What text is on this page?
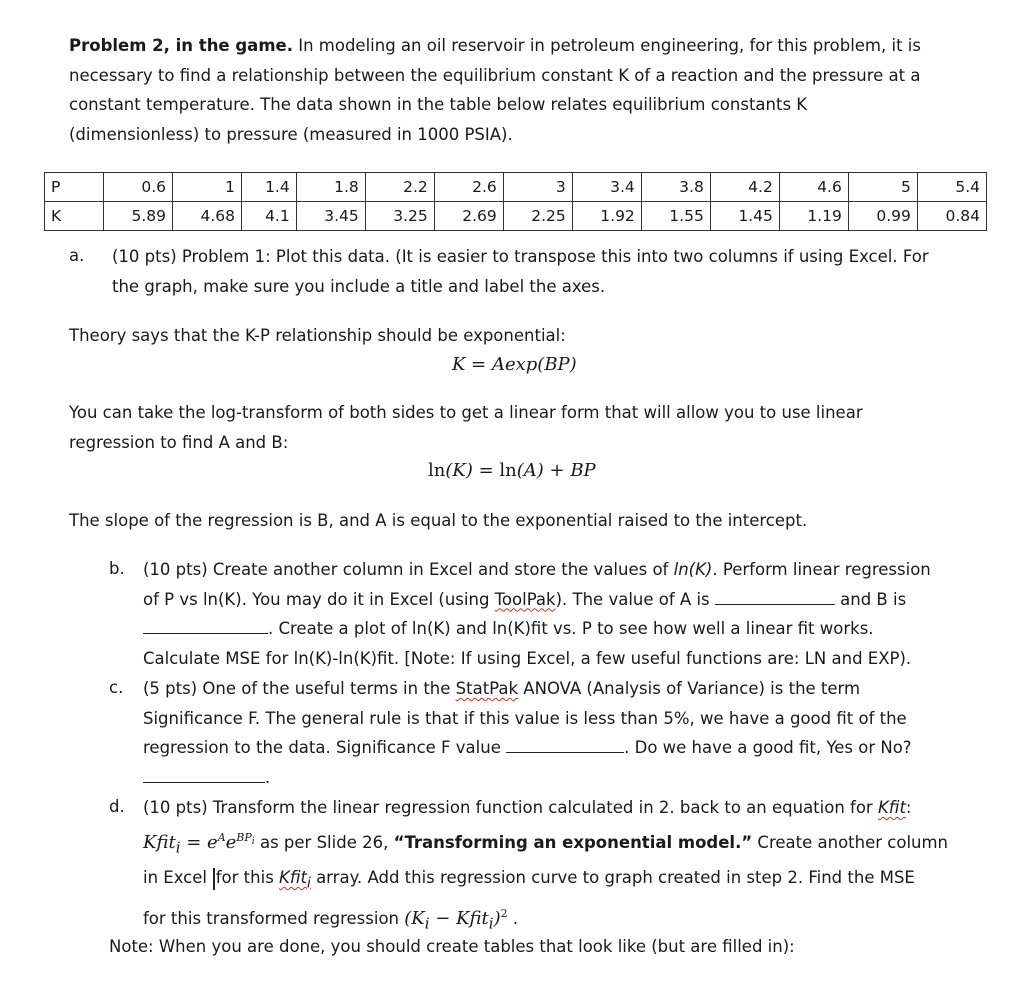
Problem 2, in the game. In modeling an oil reservoir in petroleum engineering, for this problem, it is
necessary to find a relationship between the equilibrium constant K of a reaction and the pressure at a
constant temperature. The data shown in the table below relates equilibrium constants K
(dimensionless) to pressure (measured in 1000 PSIA).
P	0.6	1	1.4	1.8	2.2	2.6	3	3.4	3.8	4.2	4.6	5	5.4
K	5.89	4.68	4.1	3.45	3.25	2.69	2.25	1.92	1.55	1.45	1.19	0.99	0.84
a. (10 pts) Problem 1: Plot this data. (It is easier to transpose this into two columns if using Excel. For
the graph, make sure you include a title and label the axes.
Theory says that the K-P relationship should be exponential:
K = Aexp(BP)
You can take the log-transform of both sides to get a linear form that will allow you to use linear
regression to find A and B:
ln(K) = ln(A) + BP
The slope of the regression is B, and A is equal to the exponential raised to the intercept.
b. (10 pts) Create another column in Excel and store the values of ln(K). Perform linear regression
of P vs ln(K). You may do it in Excel (using ToolPak). The value of A is	and B is
. Create a plot of ln(K) and ln(K)fit vs. P to see how well a linear fit works.
Calculate MSE for ln(K)-ln(K)fit. [Note: If using Excel, a few useful functions are: LN and EXP).
c. (5 pts) One of the useful terms in the StatPak ANOVA (Analysis of Variance) is the term
Significance F. The general rule is that if this value is less than 5%, we have a good fit of the
regression to the data. Significance F value	. Do we have a good fit, Yes or No?
.
d. (10 pts) Transform the linear regression function calculated in 2. back to an equation for Kfit:
Kfit$_i$ = $e^Ae^{BP_i}$ as per Slide 26, “Transforming an exponential model.” Create another column
in Excel for this Kfit$_i$ array. Add this regression curve to graph created in step 2. Find the MSE
for this transformed regression ($K_i$ − Kfit$_i$)$^2$ .
Note: When you are done, you should create tables that look like (but are filled in):
